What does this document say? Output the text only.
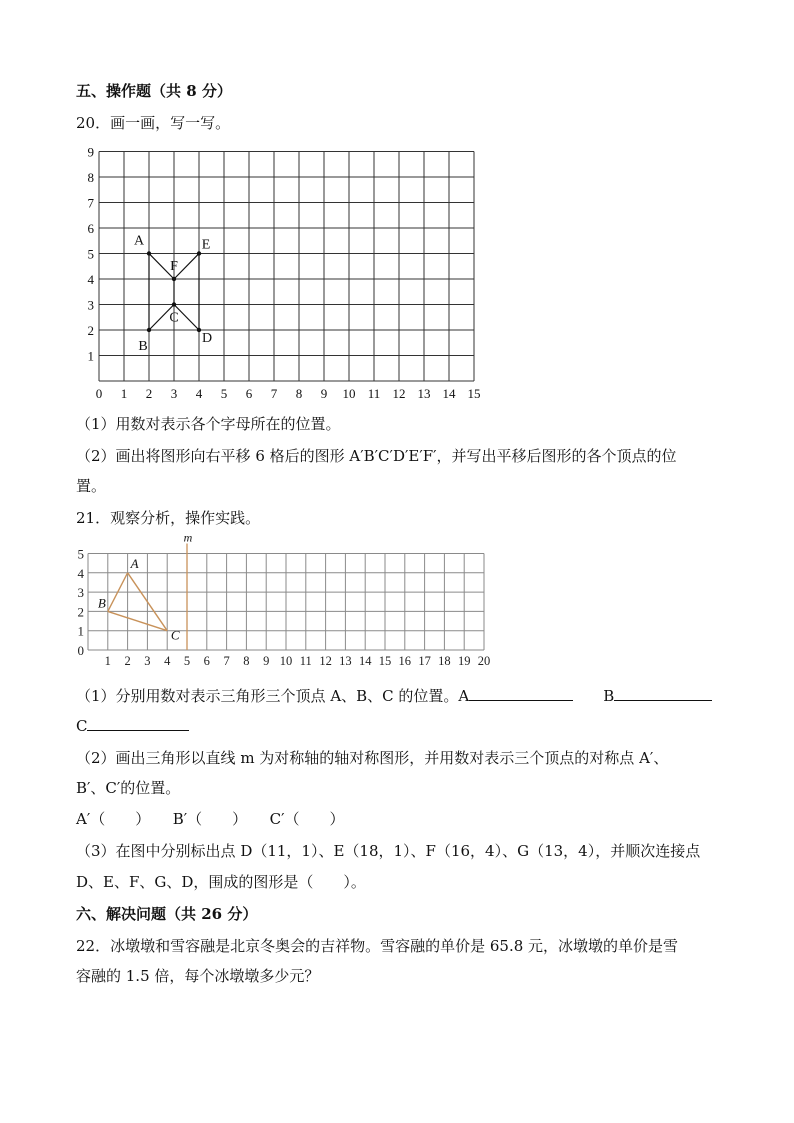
五、操作题（共 8 分）
20．画一画，写一写。
0 1 2 3 4 5 6 7 8 9 10 11 12 13 14 15
1
2
3
4
5
6
7
8
9
A
B
C
D
E
F
（1）用数对表示各个字母所在的位置。
（2）画出将图形向右平移 6 格后的图形 A′B′C′D′E′F′，并写出平移后图形的各个顶点的位
置。
21．观察分析，操作实践。
1 2 3 4 5 6 7 8 9 10 11 12 13 14 15 16 17 18 19 20
0
1
2
3
4
5
m
A
B
C
（1）分别用数对表示三角形三个顶点 A、B、C 的位置。A	B
C
（2）画出三角形以直线 m 为对称轴的轴对称图形，并用数对表示三个顶点的对称点 A′、
B′、C′的位置。
A′（　　）　　B′（　　）　　C′（　　）
（3）在图中分别标出点 D（11，1）、E（18，1）、F（16，4）、G（13，4），并顺次连接点
D、E、F、G、D，围成的图形是（　　）。
六、解决问题（共 26 分）
22．冰墩墩和雪容融是北京冬奥会的吉祥物。雪容融的单价是 65.8 元，冰墩墩的单价是雪
容融的 1.5 倍，每个冰墩墩多少元？
